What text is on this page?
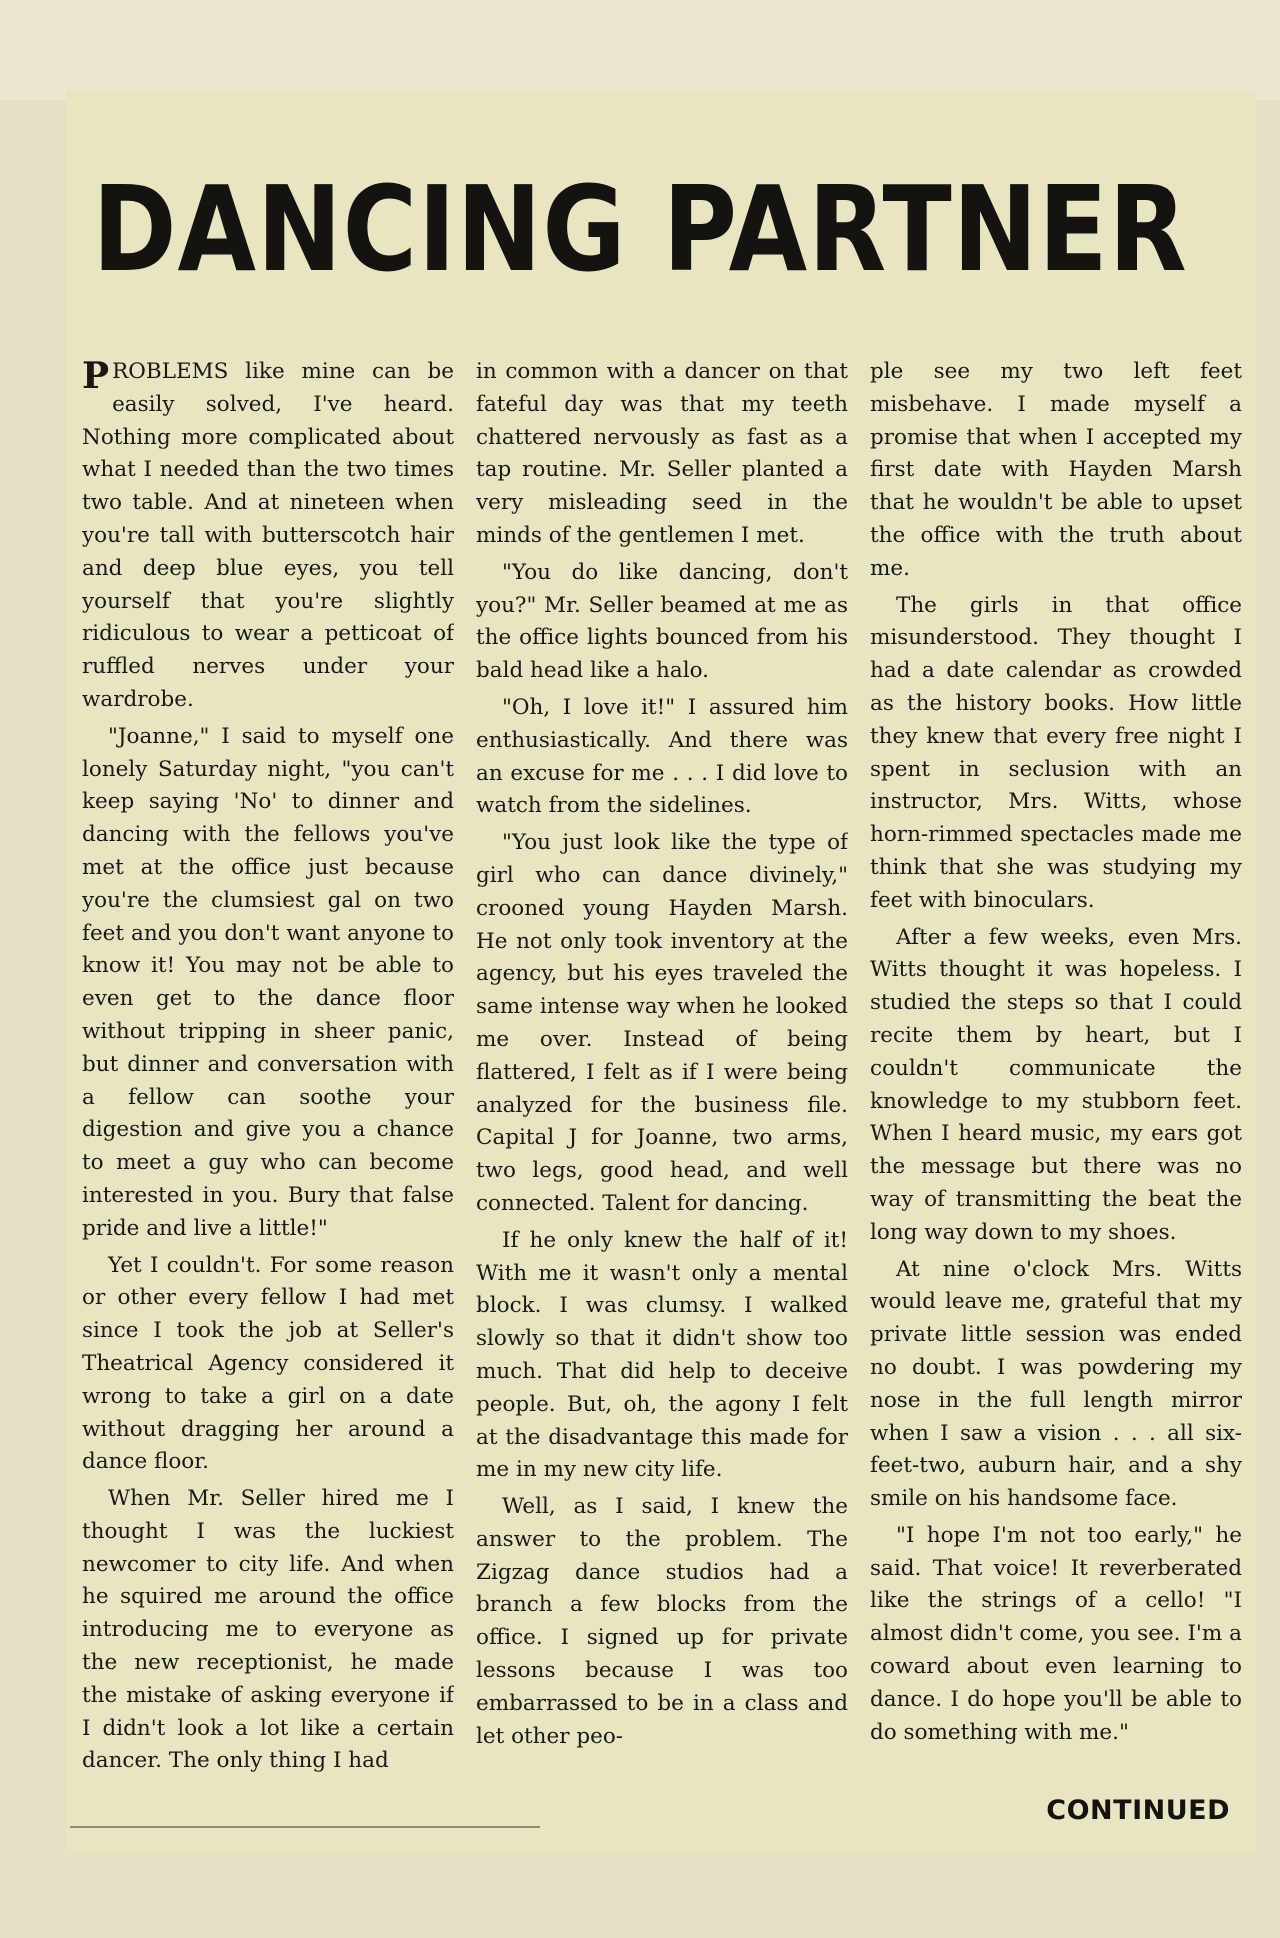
DANCING PARTNER

PROBLEMS like mine can be easily solved, I've heard. Nothing more complicated about what I needed than the two times two table. And at nineteen when you're tall with butterscotch hair and deep blue eyes, you tell yourself that you're slightly ridiculous to wear a petticoat of ruffled nerves under your wardrobe.

"Joanne," I said to myself one lonely Saturday night, "you can't keep saying 'No' to dinner and dancing with the fellows you've met at the office just because you're the clumsiest gal on two feet and you don't want anyone to know it! You may not be able to even get to the dance floor without tripping in sheer panic, but dinner and conversation with a fellow can soothe your digestion and give you a chance to meet a guy who can become interested in you. Bury that false pride and live a little!"

Yet I couldn't. For some reason or other every fellow I had met since I took the job at Seller's Theatrical Agency considered it wrong to take a girl on a date without dragging her around a dance floor.

When Mr. Seller hired me I thought I was the luckiest newcomer to city life. And when he squired me around the office introducing me to everyone as the new receptionist, he made the mistake of asking everyone if I didn't look a lot like a certain dancer. The only thing I had

in common with a dancer on that fateful day was that my teeth chattered nervously as fast as a tap routine. Mr. Seller planted a very misleading seed in the minds of the gentlemen I met.

"You do like dancing, don't you?" Mr. Seller beamed at me as the office lights bounced from his bald head like a halo.

"Oh, I love it!" I assured him enthusiastically. And there was an excuse for me . . . I did love to watch from the sidelines.

"You just look like the type of girl who can dance divinely," crooned young Hayden Marsh. He not only took inventory at the agency, but his eyes traveled the same intense way when he looked me over. Instead of being flattered, I felt as if I were being analyzed for the business file. Capital J for Joanne, two arms, two legs, good head, and well connected. Talent for dancing.

If he only knew the half of it! With me it wasn't only a mental block. I was clumsy. I walked slowly so that it didn't show too much. That did help to deceive people. But, oh, the agony I felt at the disadvantage this made for me in my new city life.

Well, as I said, I knew the answer to the problem. The Zigzag dance studios had a branch a few blocks from the office. I signed up for private lessons because I was too embarrassed to be in a class and let other peo-

ple see my two left feet misbehave. I made myself a promise that when I accepted my first date with Hayden Marsh that he wouldn't be able to upset the office with the truth about me.

The girls in that office misunderstood. They thought I had a date calendar as crowded as the history books. How little they knew that every free night I spent in seclusion with an instructor, Mrs. Witts, whose horn-rimmed spectacles made me think that she was studying my feet with binoculars.

After a few weeks, even Mrs. Witts thought it was hopeless. I studied the steps so that I could recite them by heart, but I couldn't communicate the knowledge to my stubborn feet. When I heard music, my ears got the message but there was no way of transmitting the beat the long way down to my shoes.

At nine o'clock Mrs. Witts would leave me, grateful that my private little session was ended no doubt. I was powdering my nose in the full length mirror when I saw a vision . . . all six-feet-two, auburn hair, and a shy smile on his handsome face.

"I hope I'm not too early," he said. That voice! It reverberated like the strings of a cello! "I almost didn't come, you see. I'm a coward about even learning to dance. I do hope you'll be able to do something with me."

CONTINUED
